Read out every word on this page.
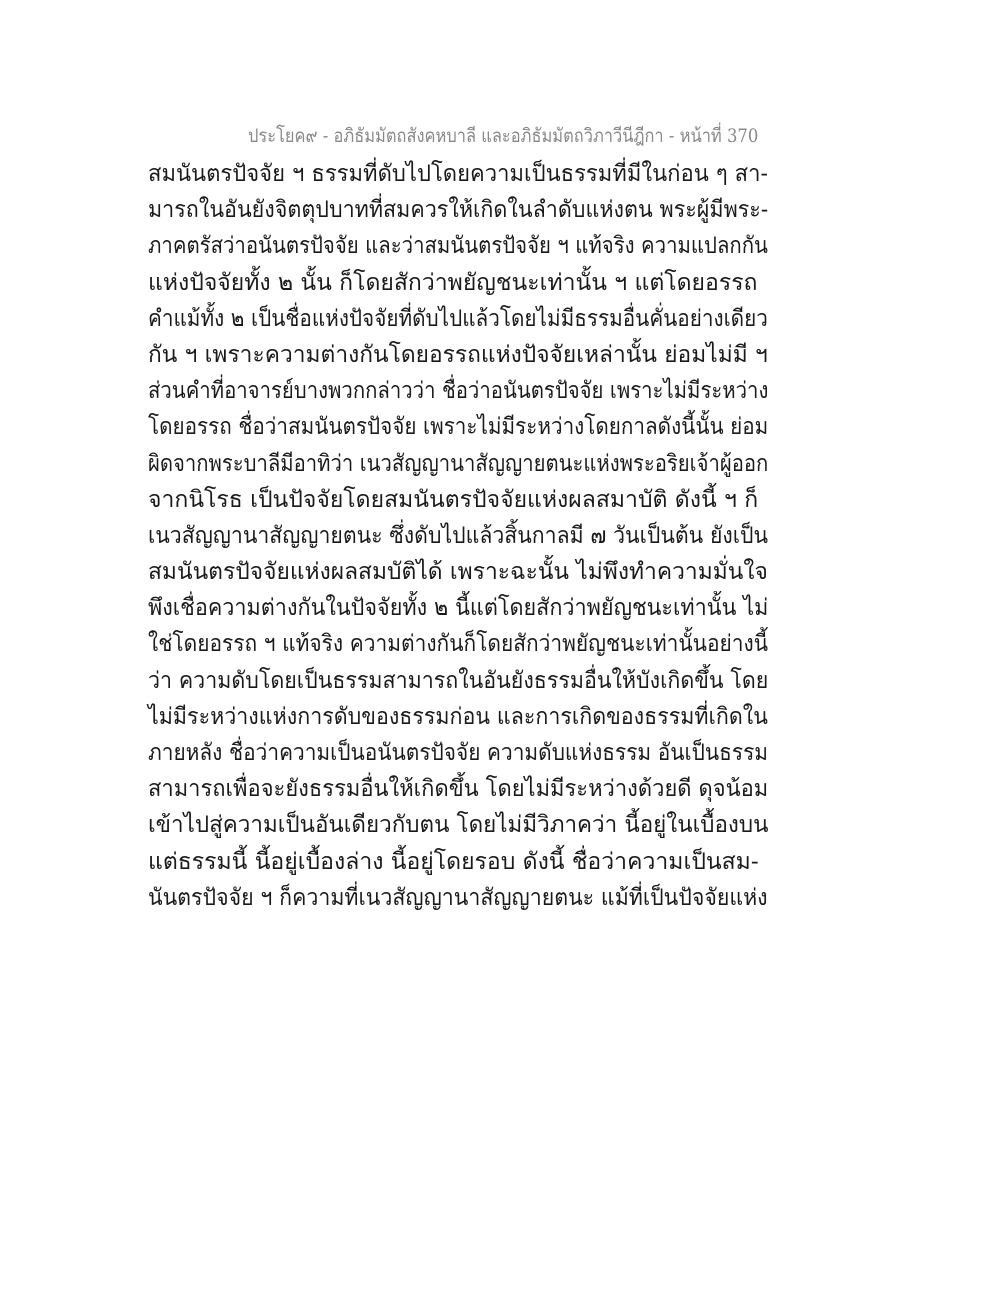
ประโยค๙ - อภิธัมมัตถสังคหบาลี และอภิธัมมัตถวิภาวีนีฎีกา - หน้าที่ 370
สมนันตรปัจจัย ฯ ธรรมที่ดับไปโดยความเป็นธรรมที่มีในก่อน ๆ สา-
มารถในอันยังจิตตุปบาทที่สมควรให้เกิดในลำดับแห่งตน พระผู้มีพระ-
ภาคตรัสว่าอนันตรปัจจัย และว่าสมนันตรปัจจัย ฯ แท้จริง ความแปลกกัน
แห่งปัจจัยทั้ง ๒ นั้น ก็โดยสักว่าพยัญชนะเท่านั้น ฯ แต่โดยอรรถ
คำแม้ทั้ง ๒ เป็นชื่อแห่งปัจจัยที่ดับไปแล้วโดยไม่มีธรรมอื่นคั่นอย่างเดียว
กัน ฯ เพราะความต่างกันโดยอรรถแห่งปัจจัยเหล่านั้น ย่อมไม่มี ฯ
ส่วนคำที่อาจารย์บางพวกกล่าวว่า ชื่อว่าอนันตรปัจจัย เพราะไม่มีระหว่าง
โดยอรรถ ชื่อว่าสมนันตรปัจจัย เพราะไม่มีระหว่างโดยกาลดังนี้นั้น ย่อม
ผิดจากพระบาลีมีอาทิว่า เนวสัญญานาสัญญายตนะแห่งพระอริยเจ้าผู้ออก
จากนิโรธ เป็นปัจจัยโดยสมนันตรปัจจัยแห่งผลสมาบัติ ดังนี้ ฯ ก็
เนวสัญญานาสัญญายตนะ ซึ่งดับไปแล้วสิ้นกาลมี ๗ วันเป็นต้น ยังเป็น
สมนันตรปัจจัยแห่งผลสมบัติได้ เพราะฉะนั้น ไม่พึงทำความมั่นใจ
พึงเชื่อความต่างกันในปัจจัยทั้ง ๒ นี้แต่โดยสักว่าพยัญชนะเท่านั้น ไม่
ใช่โดยอรรถ ฯ แท้จริง ความต่างกันก็โดยสักว่าพยัญชนะเท่านั้นอย่างนี้
ว่า ความดับโดยเป็นธรรมสามารถในอันยังธรรมอื่นให้บังเกิดขึ้น โดย
ไม่มีระหว่างแห่งการดับของธรรมก่อน และการเกิดของธรรมที่เกิดใน
ภายหลัง ชื่อว่าความเป็นอนันตรปัจจัย ความดับแห่งธรรม อันเป็นธรรม
สามารถเพื่อจะยังธรรมอื่นให้เกิดขึ้น โดยไม่มีระหว่างด้วยดี ดุจน้อม
เข้าไปสู่ความเป็นอันเดียวกับตน โดยไม่มีวิภาคว่า นี้อยู่ในเบื้องบน
แต่ธรรมนี้ นี้อยู่เบื้องล่าง นี้อยู่โดยรอบ ดังนี้ ชื่อว่าความเป็นสม-
นันตรปัจจัย ฯ ก็ความที่เนวสัญญานาสัญญายตนะ แม้ที่เป็นปัจจัยแห่ง
